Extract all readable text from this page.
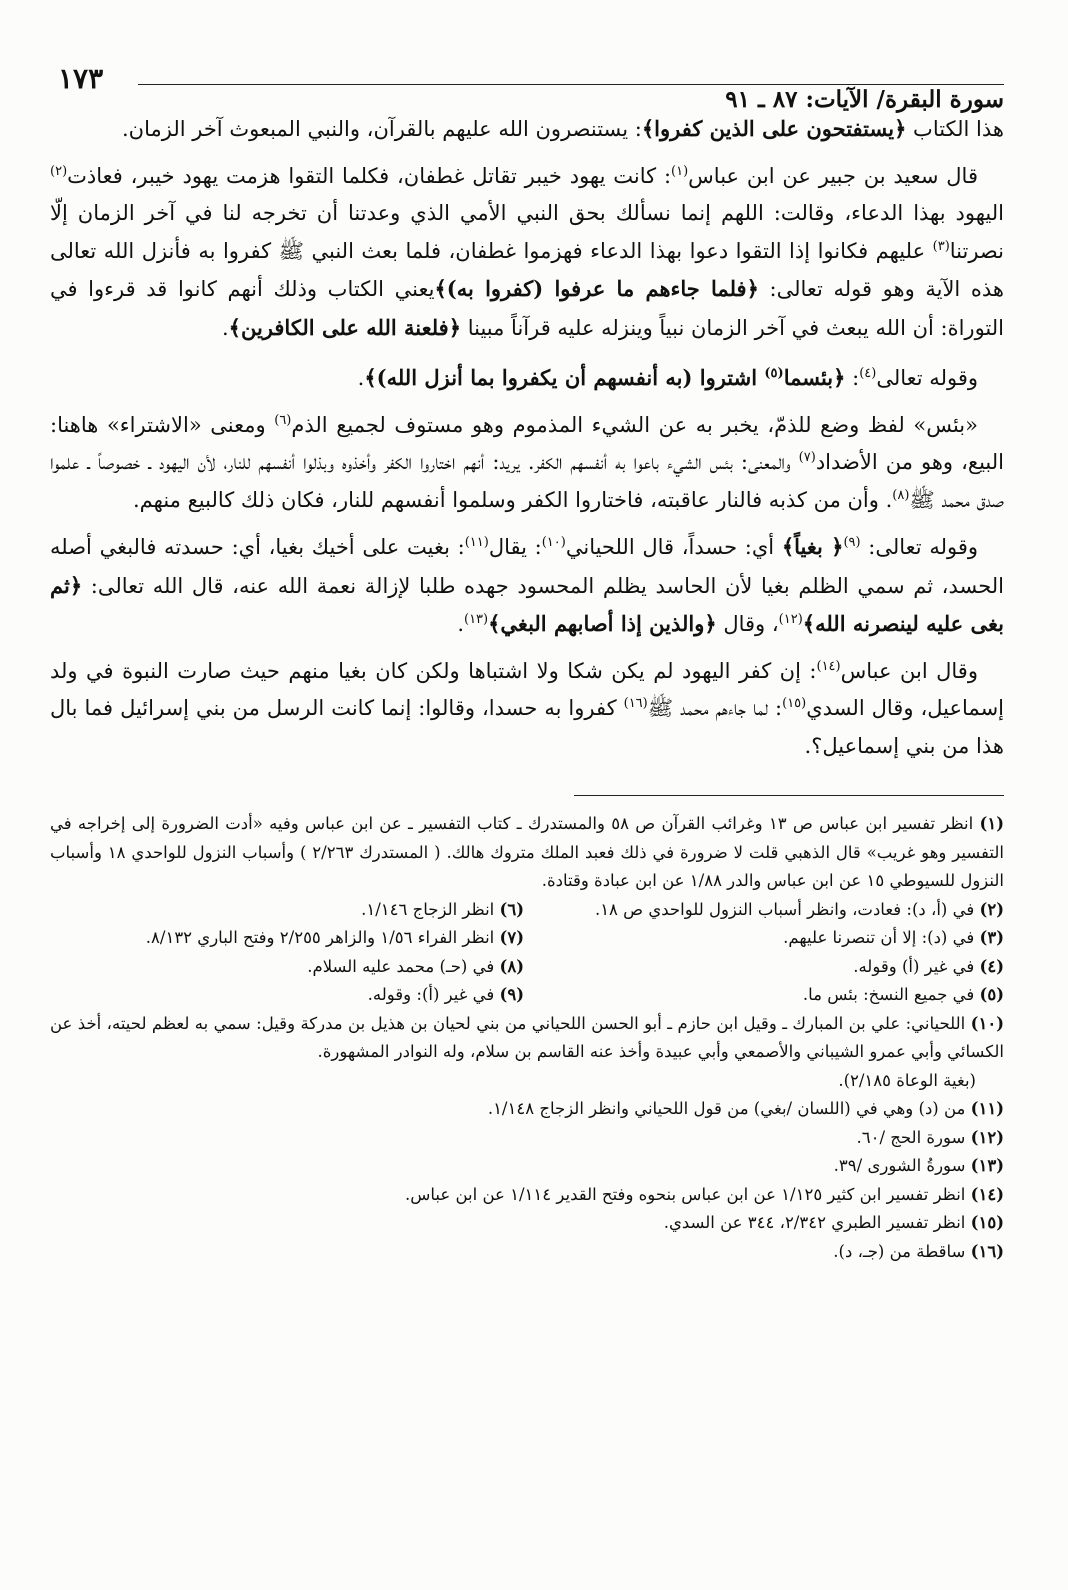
سورة البقرة/ الآيات: ٨٧ ـ ٩١
١٧٣

هذا الكتاب ﴿يستفتحون على الذين كفروا﴾: يستنصرون الله عليهم بالقرآن، والنبي المبعوث آخر الزمان.

قال سعيد بن جبير عن ابن عباس$^{(١)}$: كانت يهود خيبر تقاتل غطفان، فكلما التقوا هزمت يهود خيبر، فعاذت$^{(٢)}$ اليهود بهذا الدعاء، وقالت: اللهم إنما نسألك بحق النبي الأمي الذي وعدتنا أن تخرجه لنا في آخر الزمان إلّا نصرتنا$^{(٣)}$ عليهم فكانوا إذا التقوا دعوا بهذا الدعاء فهزموا غطفان، فلما بعث النبي ﷺ كفروا به فأنزل الله تعالى هذه الآية وهو قوله تعالى: ﴿فلما جاءهم ما عرفوا (كفروا به)﴾يعني الكتاب وذلك أنهم كانوا قد قرءوا في التوراة: أن الله يبعث في آخر الزمان نبياً وينزله عليه قرآناً مبينا ﴿فلعنة الله على الكافرين﴾.

وقوله تعالى$^{(٤)}$: ﴿بئسما$^{(٥)}$ اشتروا (به أنفسهم أن يكفروا بما أنزل الله)﴾.

«بئس» لفظ وضع للذمّ، يخبر به عن الشيء المذموم وهو مستوف لجميع الذم$^{(٦)}$ ومعنى «الاشتراء» هاهنا: البيع، وهو من الأضداد$^{(٧)}$ والمعنى: بئس الشيء باعوا به أنفسهم الكفر. يريد: أنهم اختاروا الكفر وأخذوه وبذلوا أنفسهم للنار، لأن اليهود ـ خصوصاً ـ علموا صدق محمد ﷺ$^{(٨)}$. وأن من كذبه فالنار عاقبته، فاختاروا الكفر وسلموا أنفسهم للنار، فكان ذلك كالبيع منهم.

وقوله تعالى: $^{(٩)}$﴿ بغياً﴾ أي: حسداً، قال اللحياني$^{(١٠)}$: يقال$^{(١١)}$: بغيت على أخيك بغيا، أي: حسدته فالبغي أصله الحسد، ثم سمي الظلم بغيا لأن الحاسد يظلم المحسود جهده طلبا لإزالة نعمة الله عنه، قال الله تعالى: ﴿ثم بغى عليه لينصرنه الله﴾$^{(١٢)}$، وقال ﴿والذين إذا أصابهم البغي﴾$^{(١٣)}$.

وقال ابن عباس$^{(١٤)}$: إن كفر اليهود لم يكن شكا ولا اشتباها ولكن كان بغيا منهم حيث صارت النبوة في ولد إسماعيل، وقال السدي$^{(١٥)}$: لما جاءهم محمد ﷺ$^{(١٦)}$ كفروا به حسدا، وقالوا: إنما كانت الرسل من بني إسرائيل فما بال هذا من بني إسماعيل؟.

(١) انظر تفسير ابن عباس ص ١٣ وغرائب القرآن ص ٥٨ والمستدرك ـ كتاب التفسير ـ عن ابن عباس وفيه «أدت الضرورة إلى إخراجه في التفسير وهو غريب» قال الذهبي قلت لا ضرورة في ذلك فعبد الملك متروك هالك. ( المستدرك ٢/٢٦٣ ) وأسباب النزول للواحدي ١٨ وأسباب النزول للسيوطي ١٥ عن ابن عباس والدر ١/٨٨ عن ابن عبادة وقتادة.

(٢) في (أ، د): فعادت، وانظر أسباب النزول للواحدي ص ١٨.

(٣) في (د): إلا أن تنصرنا عليهم.

(٤) في غير (أ) وقوله.

(٥) في جميع النسخ: بئس ما.

(٦) انظر الزجاج ١/١٤٦.

(٧) انظر الفراء ١/٥٦ والزاهر ٢/٢٥٥ وفتح الباري ٨/١٣٢.

(٨) في (حـ) محمد عليه السلام.

(٩) في غير (أ): وقوله.

(١٠) اللحياني: علي بن المبارك ـ وقيل ابن حازم ـ أبو الحسن اللحياني من بني لحيان بن هذيل بن مدركة وقيل: سمي به لعظم لحيته، أخذ عن الكسائي وأبي عمرو الشيباني والأصمعي وأبي عبيدة وأخذ عنه القاسم بن سلام، وله النوادر المشهورة.

(بغية الوعاة ٢/١٨٥).

(١١) من (د) وهي في (اللسان /بغي) من قول اللحياني وانظر الزجاج ١/١٤٨.

(١٢) سورة الحج /٦٠.

(١٣) سورةُ الشورى /٣٩.

(١٤) انظر تفسير ابن كثير ١/١٢٥ عن ابن عباس بنحوه وفتح القدير ١/١١٤ عن ابن عباس.

(١٥) انظر تفسير الطبري ٢/٣٤٢، ٣٤٤ عن السدي.

(١٦) ساقطة من (جـ، د).
